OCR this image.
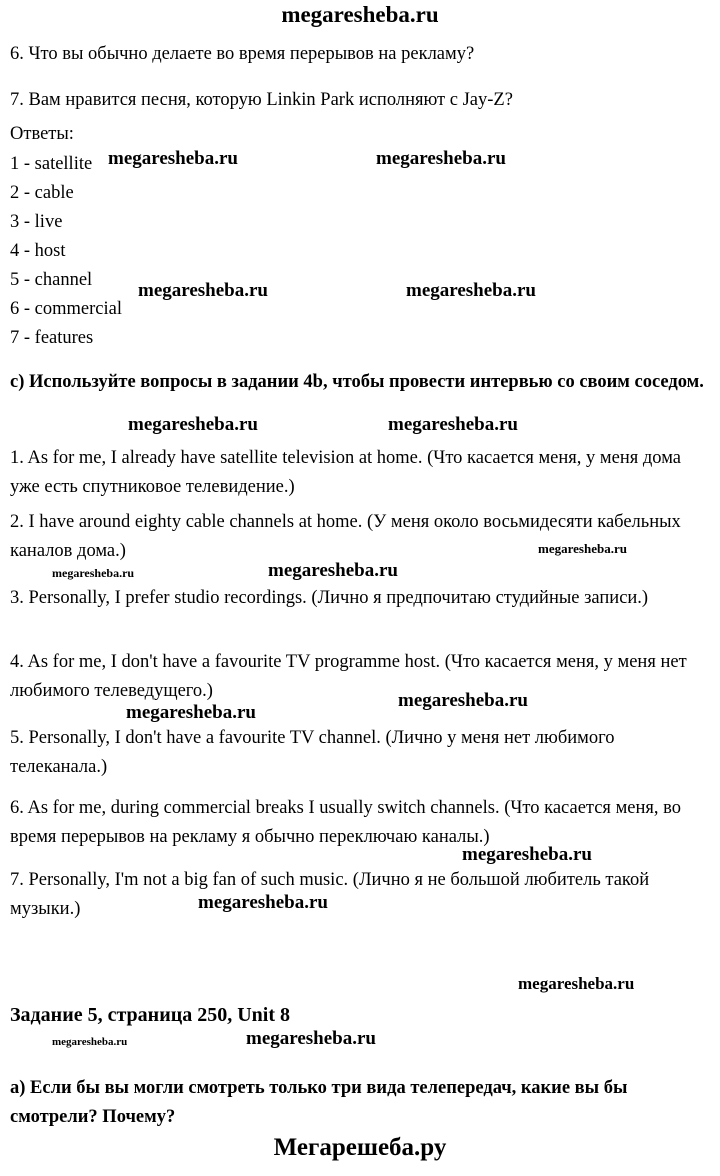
megaresheba.ru
6. Что вы обычно делаете во время перерывов на рекламу?
7. Вам нравится песня, которую Linkin Park исполняют с Jay-Z?
Ответы:
1 - satellite
2 - cable
3 - live
4 - host
5 - channel
6 - commercial
7 - features
megaresheba.ru	megaresheba.ru
megaresheba.ru	megaresheba.ru
с) Используйте вопросы в задании 4b, чтобы провести интервью со своим соседом.
megaresheba.ru	megaresheba.ru
1. As for me, I already have satellite television at home. (Что касается меня, у меня дома уже есть спутниковое телевидение.)
2. I have around eighty cable channels at home. (У меня около восьмидесяти кабельных каналов дома.)	megaresheba.ru
megaresheba.ru	megaresheba.ru
3. Personally, I prefer studio recordings. (Лично я предпочитаю студийные записи.)
4. As for me, I don't have a favourite TV programme host. (Что касается меня, у меня нет любимого телеведущего.)	megaresheba.ru
megaresheba.ru
5. Personally, I don't have a favourite TV channel. (Лично у меня нет любимого телеканала.)
6. As for me, during commercial breaks I usually switch channels. (Что касается меня, во время перерывов на рекламу я обычно переключаю каналы.)
megaresheba.ru
7. Personally, I'm not a big fan of such music. (Лично я не большой любитель такой музыки.)	megaresheba.ru
megaresheba.ru
Задание 5, страница 250, Unit 8
megaresheba.ru	megaresheba.ru
а) Если бы вы могли смотреть только три вида телепередач, какие вы бы смотрели? Почему?
Мегарешеба.ру
